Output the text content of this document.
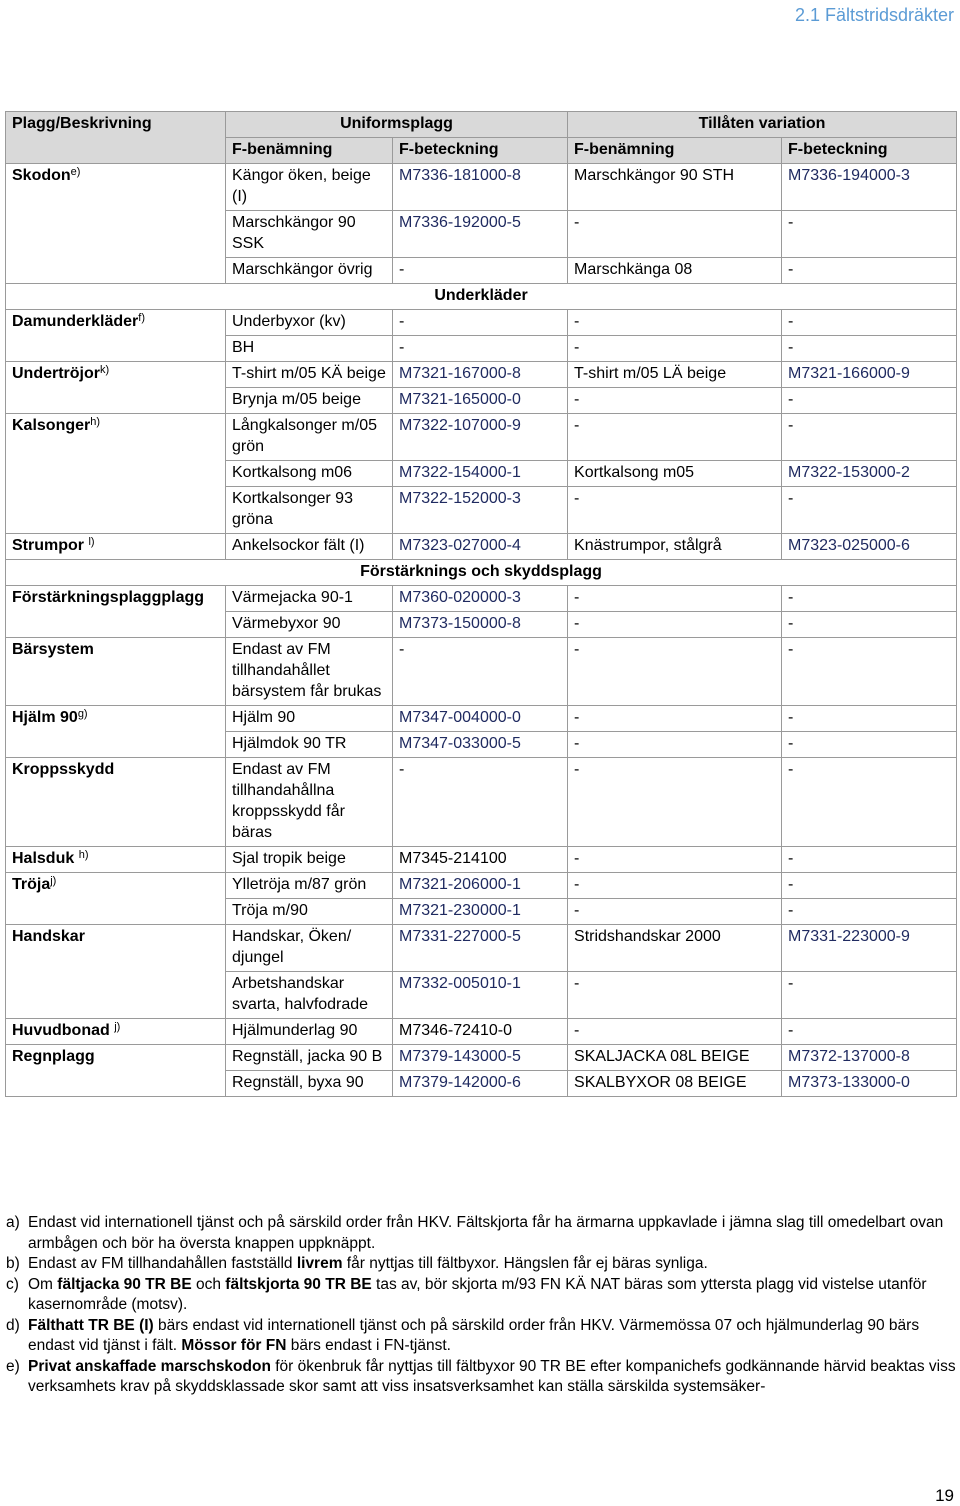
2.1 Fältstridsdräkter
Plagg/Beskrivning	Uniformsplagg		Tillåten variation	
	F-benämning	F-beteckning	F-benämning	F-beteckning
Skodon$^{e)}$	Kängor öken, beige (I)	M7336-181000-8	Marschkängor 90 STH	M7336-194000-3
	Marschkängor 90 SSK	M7336-192000-5	-	-
	Marschkängor övrig	-	Marschkänga 08	-
Underkläder				
Damunderkläder$^{f)}$	Underbyxor (kv)	-	-	-
	BH	-	-	-
Undertröjor$^{k)}$	T-shirt m/05 KÄ beige	M7321-167000-8	T-shirt m/05 LÄ beige	M7321-166000-9
	Brynja m/05 beige	M7321-165000-0	-	-
Kalsonger$^{h)}$	Långkalsonger m/05 grön	M7322-107000-9	-	-
	Kortkalsong m06	M7322-154000-1	Kortkalsong m05	M7322-153000-2
	Kortkalsonger 93 gröna	M7322-152000-3	-	-
Strumpor $^{l)}$	Ankelsockor fält (I)	M7323-027000-4	Knästrumpor, stålgrå	M7323-025000-6
Förstärknings och skyddsplagg				
Förstärkningsplaggplagg	Värmejacka 90-1	M7360-020000-3	-	-
	Värmebyxor 90	M7373-150000-8	-	-
Bärsystem	Endast av FM tillhandahållet bärsystem får brukas	-	-	-
Hjälm 90$^{g)}$	Hjälm 90	M7347-004000-0	-	-
	Hjälmdok 90 TR	M7347-033000-5	-	-
Kroppsskydd	Endast av FM tillhandahållna kroppsskydd får bäras	-	-	-
Halsduk $^{h)}$	Sjal tropik beige	M7345-214100	-	-
Tröja$^{j)}$	Ylletröja m/87 grön	M7321-206000-1	-	-
	Tröja m/90	M7321-230000-1	-	-
Handskar	Handskar, Öken/ djungel	M7331-227000-5	Stridshandskar 2000	M7331-223000-9
	Arbetshandskar svarta, halvfodrade	M7332-005010-1	-	-
Huvudbonad $^{j)}$	Hjälmunderlag 90	M7346-72410-0	-	-
Regnplagg	Regnställ, jacka 90 B	M7379-143000-5	SKALJACKA 08L BEIGE	M7372-137000-8
	Regnställ, byxa 90	M7379-142000-6	SKALBYXOR 08 BEIGE	M7373-133000-0
a) Endast vid internationell tjänst och på särskild order från HKV. Fältskjorta får ha ärmarna uppkavlade i jämna slag till omedelbart ovan armbågen och bör ha översta knappen uppknäppt.
b) Endast av FM tillhandahållen fastställd livrem får nyttjas till fältbyxor. Hängslen får ej bäras synliga.
c) Om fältjacka 90 TR BE och fältskjorta 90 TR BE tas av, bör skjorta m/93 FN KÄ NAT bäras som yttersta plagg vid vistelse utanför kasernområde (motsv).
d) Fälthatt TR BE (I) bärs endast vid internationell tjänst och på särskild order från HKV. Värmemössa 07 och hjälmunderlag 90 bärs endast vid tjänst i fält. Mössor för FN bärs endast i FN-tjänst.
e) Privat anskaffade marschskodon för ökenbruk får nyttjas till fältbyxor 90 TR BE efter kompanichefs godkännande härvid beaktas viss verksamhets krav på skyddsklassade skor samt att viss insatsverksamhet kan ställa särskilda systemsäker-
19
